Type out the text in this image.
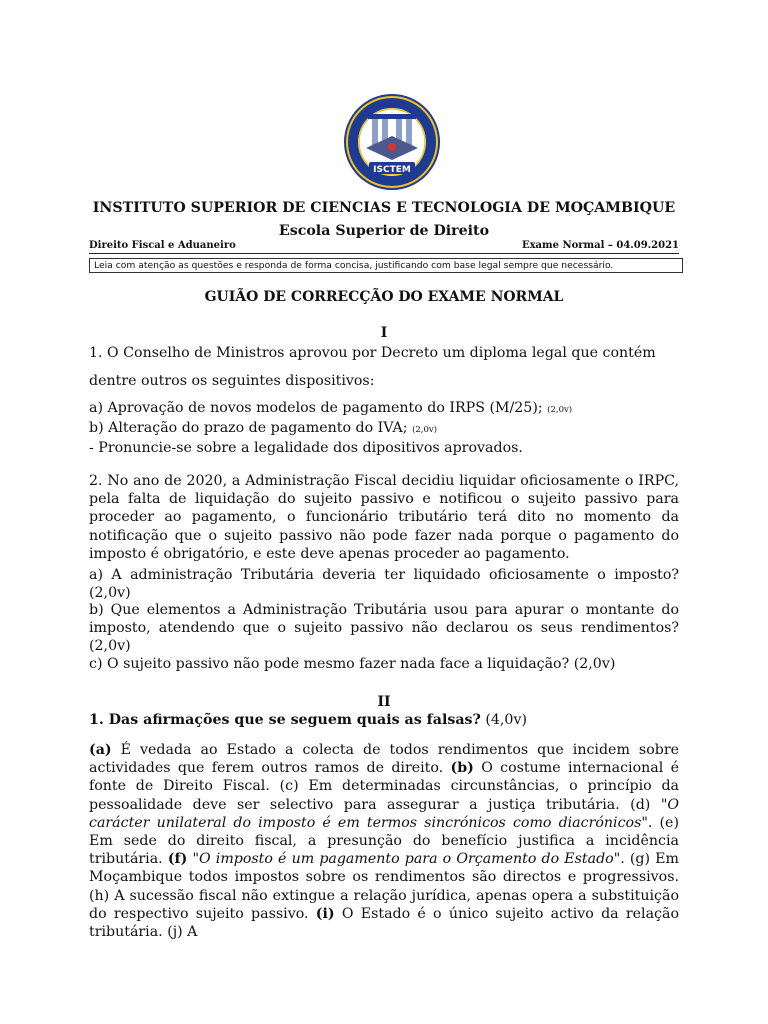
ISCTEM
INSTITUTO SUPERIOR DE CIENCIAS E TECNOLOGIA DE MOÇAMBIQUE
Escola Superior de Direito
Direito Fiscal e Aduaneiro	Exame Normal – 04.09.2021
Leia com atenção as questões e responda de forma concisa, justificando com base legal sempre que necessário.
GUIÃO DE CORRECÇÃO DO EXAME NORMAL
I

1. O Conselho de Ministros aprovou por Decreto um diploma legal que contém

dentre outros os seguintes dispositivos:

a) Aprovação de novos modelos de pagamento do IRPS (M/25); (2,0v)

b) Alteração do prazo de pagamento do IVA; (2,0v)

- Pronuncie-se sobre a legalidade dos dipositivos aprovados.

2. No ano de 2020, a Administração Fiscal decidiu liquidar oficiosamente o IRPC, pela falta de liquidação do sujeito passivo e notificou o sujeito passivo para proceder ao pagamento, o funcionário tributário terá dito no momento da notificação que o sujeito passivo não pode fazer nada porque o pagamento do imposto é obrigatório, e este deve apenas proceder ao pagamento.

a) A administração Tributária deveria ter liquidado oficiosamente o imposto? (2,0v)

b) Que elementos a Administração Tributária usou para apurar o montante do imposto, atendendo que o sujeito passivo não declarou os seus rendimentos? (2,0v)

c) O sujeito passivo não pode mesmo fazer nada face a liquidação? (2,0v)

II

1. Das afirmações que se seguem quais as falsas? (4,0v)

(a) É vedada ao Estado a colecta de todos rendimentos que incidem sobre actividades que ferem outros ramos de direito. (b) O costume internacional é fonte de Direito Fiscal. (c) Em determinadas circunstâncias, o princípio da pessoalidade deve ser selectivo para assegurar a justiça tributária. (d) "O carácter unilateral do imposto é em termos sincrónicos como diacrónicos". (e) Em sede do direito fiscal, a presunção do benefício justifica a incidência tributária. (f) "O imposto é um pagamento para o Orçamento do Estado". (g) Em Moçambique todos impostos sobre os rendimentos são directos e progressivos. (h) A sucessão fiscal não extingue a relação jurídica, apenas opera a substituição do respectivo sujeito passivo. (i) O Estado é o único sujeito activo da relação tributária. (j) A
